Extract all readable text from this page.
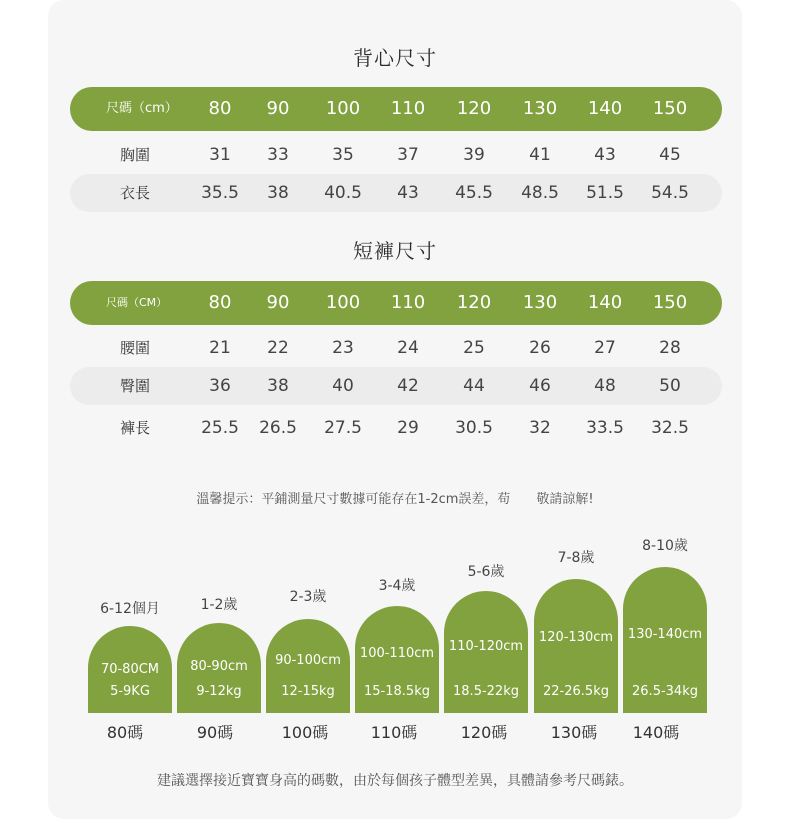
背心尺寸
尺碼（cm）	80	90	100	110	120	130	140	150
胸圍	31	33	35	37	39	41	43	45
衣長	35.5	38	40.5	43	45.5	48.5	51.5	54.5
短褲尺寸
尺碼（CM）	80	90	100	110	120	130	140	150
腰圍	21	22	23	24	25	26	27	28
臀圍	36	38	40	42	44	46	48	50
褲長	25.5	26.5	27.5	29	30.5	32	33.5	32.5
溫馨提示：平鋪測量尺寸數據可能存在1-2cm誤差，苟　　敬請諒解!
6-12個月	1-2歲	2-3歲
3-4歲
5-6歲
7-8歲
8-10歲
70-80CM
5-9KG
80-90cm
9-12kg
90-100cm
12-15kg
100-110cm
15-18.5kg
110-120cm
18.5-22kg
120-130cm
22-26.5kg
130-140cm
26.5-34kg
80碼	90碼	100碼	110碼	120碼	130碼	140碼
建議選擇接近寶寶身高的碼數，由於每個孩子體型差異，具體請參考尺碼錶。
